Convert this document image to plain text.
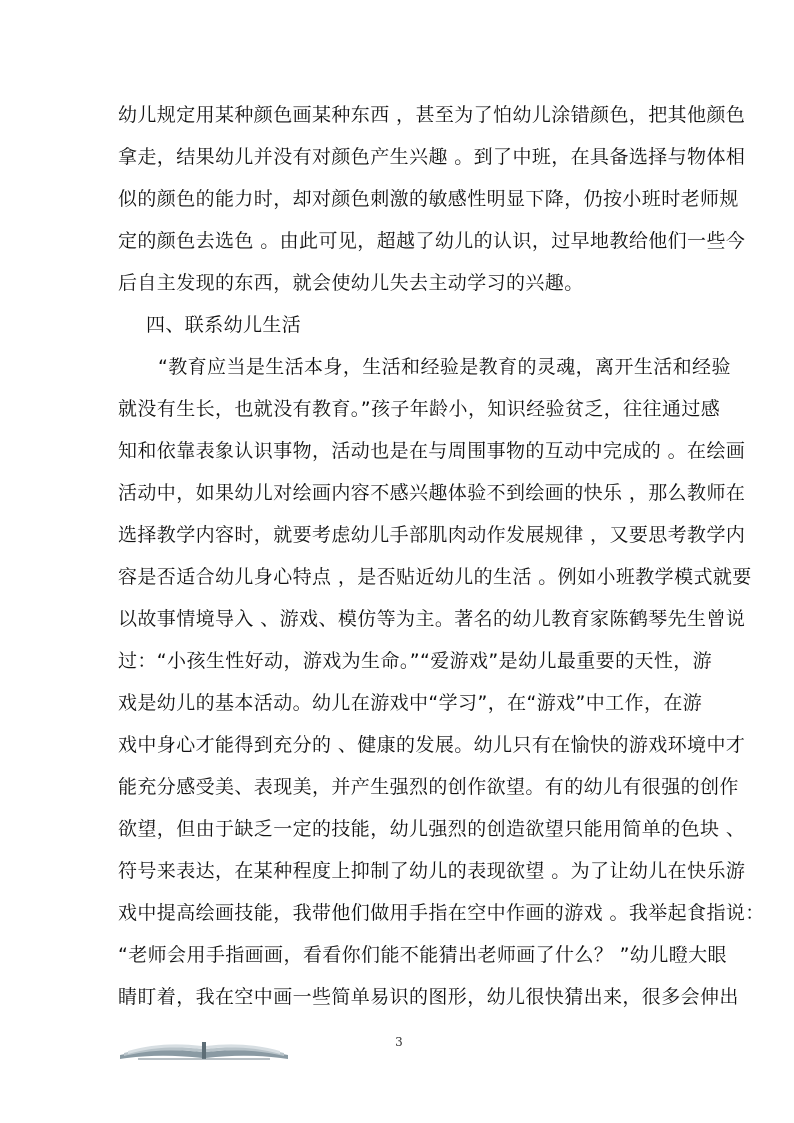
幼儿规定用某种颜色画某种东西 ，甚至为了怕幼儿涂错颜色，把其他颜色
拿走，结果幼儿并没有对颜色产生兴趣 。到了中班，在具备选择与物体相
似的颜色的能力时，却对颜色刺激的敏感性明显下降，仍按小班时老师规
定的颜色去选色 。由此可见，超越了幼儿的认识，过早地教给他们一些今
后自主发现的东西，就会使幼儿失去主动学习的兴趣。
四、联系幼儿生活
“教育应当是生活本身，生活和经验是教育的灵魂，离开生活和经验
就没有生长，也就没有教育。”孩子年龄小，知识经验贫乏，往往通过感
知和依靠表象认识事物，活动也是在与周围事物的互动中完成的 。在绘画
活动中，如果幼儿对绘画内容不感兴趣体验不到绘画的快乐 ，那么教师在
选择教学内容时，就要考虑幼儿手部肌肉动作发展规律 ，又要思考教学内
容是否适合幼儿身心特点 ，是否贴近幼儿的生活 。例如小班教学模式就要
以故事情境导入 、游戏、模仿等为主。著名的幼儿教育家陈鹤琴先生曾说
过：“小孩生性好动，游戏为生命。”“爱游戏”是幼儿最重要的天性，游
戏是幼儿的基本活动。幼儿在游戏中“学习”，在“游戏”中工作，在游
戏中身心才能得到充分的 、健康的发展。幼儿只有在愉快的游戏环境中才
能充分感受美、表现美，并产生强烈的创作欲望。有的幼儿有很强的创作
欲望，但由于缺乏一定的技能，幼儿强烈的创造欲望只能用简单的色块 、
符号来表达，在某种程度上抑制了幼儿的表现欲望 。为了让幼儿在快乐游
戏中提高绘画技能，我带他们做用手指在空中作画的游戏 。我举起食指说：
“老师会用手指画画，看看你们能不能猜出老师画了什么？ ”幼儿瞪大眼
睛盯着，我在空中画一些简单易识的图形，幼儿很快猜出来，很多会伸出
3
